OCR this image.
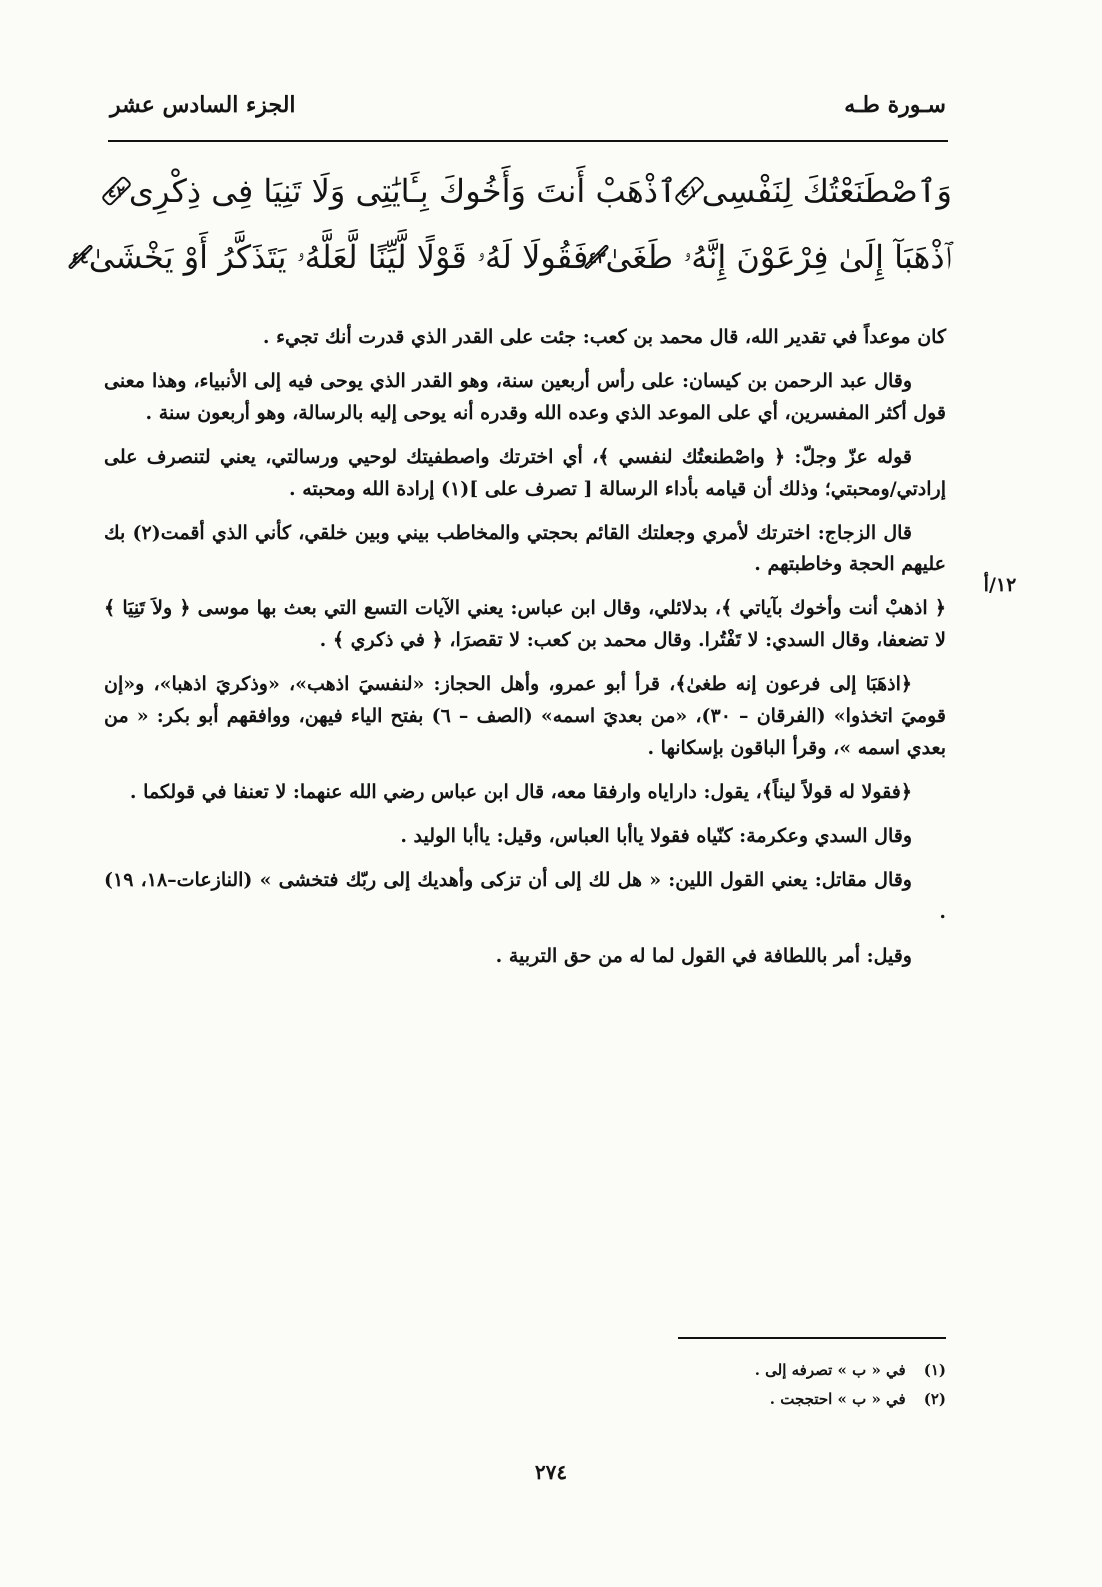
سـورة طـه
الجزء السادس عشر
وَٱصْطَنَعْتُكَ لِنَفْسِى
٤١
ٱذْهَبْ أَنتَ وَأَخُوكَ بِـَٔايَٰتِى وَلَا تَنِيَا فِى ذِكْرِى
٤٢
ٱذْهَبَآ إِلَىٰ فِرْعَوْنَ إِنَّهُۥ طَغَىٰ
٤٣
فَقُولَا لَهُۥ قَوْلًا لَّيِّنًا لَّعَلَّهُۥ يَتَذَكَّرُ أَوْ يَخْشَىٰ
٤٤
١٢/أ

كان موعداً في تقدير الله، قال محمد بن كعب: جئت على القدر الذي قدرت أنك تجيء .

وقال عبد الرحمن بن كيسان: على رأس أربعين سنة، وهو القدر الذي يوحى فيه إلى الأنبياء، وهذا معنى قول أكثر المفسرين، أي على الموعد الذي وعده الله وقدره أنه يوحى إليه بالرسالة، وهو أربعون سنة .

قوله عزّ وجلّ: ﴿ واصْطنعتُك لنفسي ﴾، أي اخترتك واصطفيتك لوحيي ورسالتي، يعني لتنصرف على إرادتي/ومحبتي؛ وذلك أن قيامه بأداء الرسالة [ تصرف على ](١) إرادة الله ومحبته .

قال الزجاج: اخترتك لأمري وجعلتك القائم بحجتي والمخاطب بيني وبين خلقي، كأني الذي أقمت(٢) بك عليهم الحجة وخاطبتهم .

﴿ اذهبْ أنت وأخوك بآياتي ﴾، بدلائلي، وقال ابن عباس: يعني الآيات التسع التي بعث بها موسى ﴿ ولاَ تَنِيَا ﴾ لا تضعفا، وقال السدي: لا تَفْتُرا. وقال محمد بن كعب: لا تقصرَا، ﴿ في ذكري ﴾ .

﴿اذهَبَا إلى فرعون إنه طغىٰ﴾، قرأ أبو عمرو، وأهل الحجاز: «لنفسيَ اذهب»، «وذكريَ اذهبا»، و«إن قوميَ اتخذوا» (الفرقان – ٣٠)، «من بعديَ اسمه» (الصف – ٦) بفتح الياء فيهن، ووافقهم أبو بكر: « من بعدي اسمه »، وقرأ الباقون بإسكانها .

﴿فقولا له قولاً ليناً﴾، يقول: داراياه وارفقا معه، قال ابن عباس رضي الله عنهما: لا تعنفا في قولكما .

وقال السدي وعكرمة: كنّياه فقولا ياأبا العباس، وقيل: ياأبا الوليد .

وقال مقاتل: يعني القول اللين: « هل لك إلى أن تزكى وأهديك إلى ربّك فتخشى » (النازعات–١٨، ١٩) .

وقيل: أمر باللطافة في القول لما له من حق التربية .

(١)
في « ب » تصرفه إلى .
(٢)
في « ب » احتججت .
٢٧٤
